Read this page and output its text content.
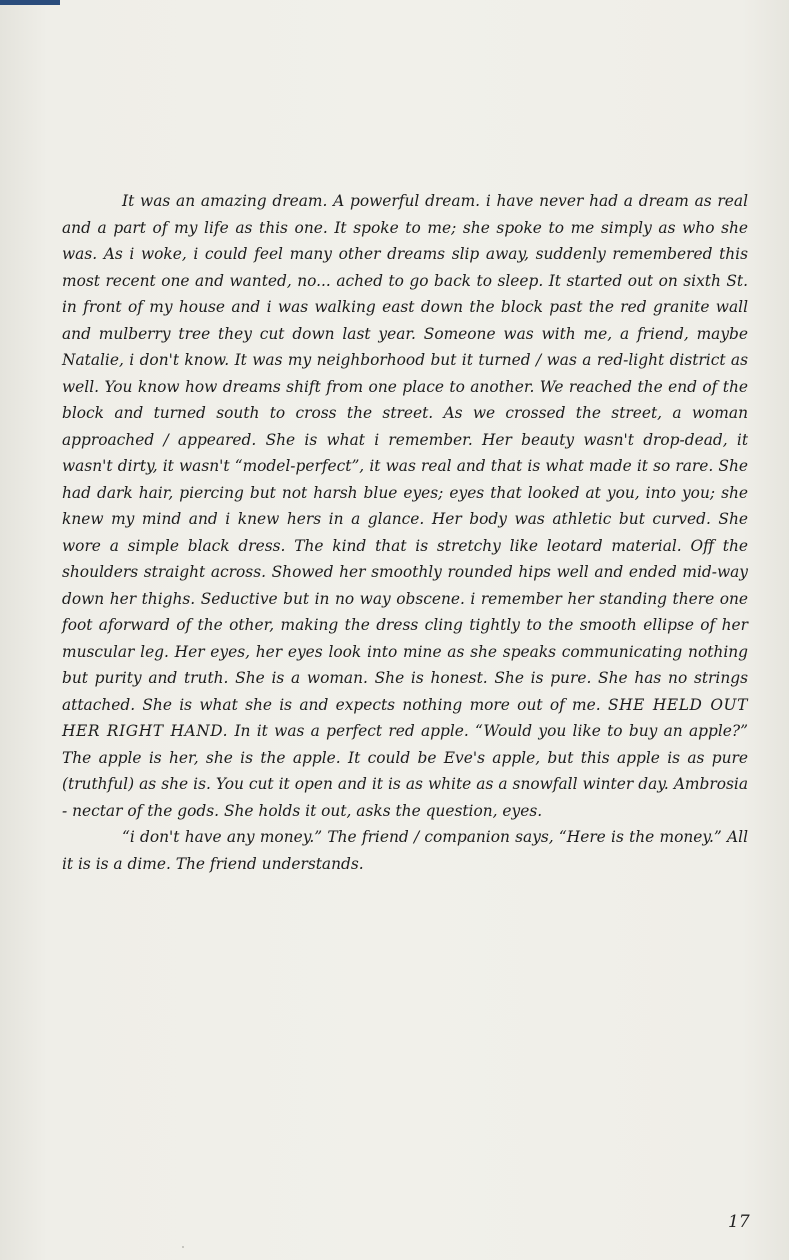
It was an amazing dream. A powerful dream. i have never had a dream as real and a part of my life as this one. It spoke to me; she spoke to me simply as who she was. As i woke, i could feel many other dreams slip away, suddenly remembered this most recent one and wanted, no... ached to go back to sleep. It started out on sixth St. in front of my house and i was walking east down the block past the red granite wall and mulberry tree they cut down last year. Someone was with me, a friend, maybe Natalie, i don't know. It was my neighborhood but it turned / was a red-light district as well. You know how dreams shift from one place to another. We reached the end of the block and turned south to cross the street. As we crossed the street, a woman approached / appeared. She is what i remember. Her beauty wasn't drop-dead, it wasn't dirty, it wasn't “model-perfect”, it was real and that is what made it so rare. She had dark hair, piercing but not harsh blue eyes; eyes that looked at you, into you; she knew my mind and i knew hers in a glance. Her body was athletic but curved. She wore a simple black dress. The kind that is stretchy like leotard material. Off the shoulders straight across. Showed her smoothly rounded hips well and ended mid-way down her thighs. Seductive but in no way obscene. i remember her standing there one foot aforward of the other, making the dress cling tightly to the smooth ellipse of her muscular leg. Her eyes, her eyes look into mine as she speaks communicating nothing but purity and truth. She is a woman. She is honest. She is pure. She has no strings attached. She is what she is and expects nothing more out of me. SHE HELD OUT HER RIGHT HAND. In it was a perfect red apple. “Would you like to buy an apple?” The apple is her, she is the apple. It could be Eve's apple, but this apple is as pure (truthful) as she is. You cut it open and it is as white as a snowfall winter day. Ambrosia - nectar of the gods. She holds it out, asks the question, eyes.

“i don't have any money.” The friend / companion says, “Here is the money.” All it is is a dime. The friend understands.

17
